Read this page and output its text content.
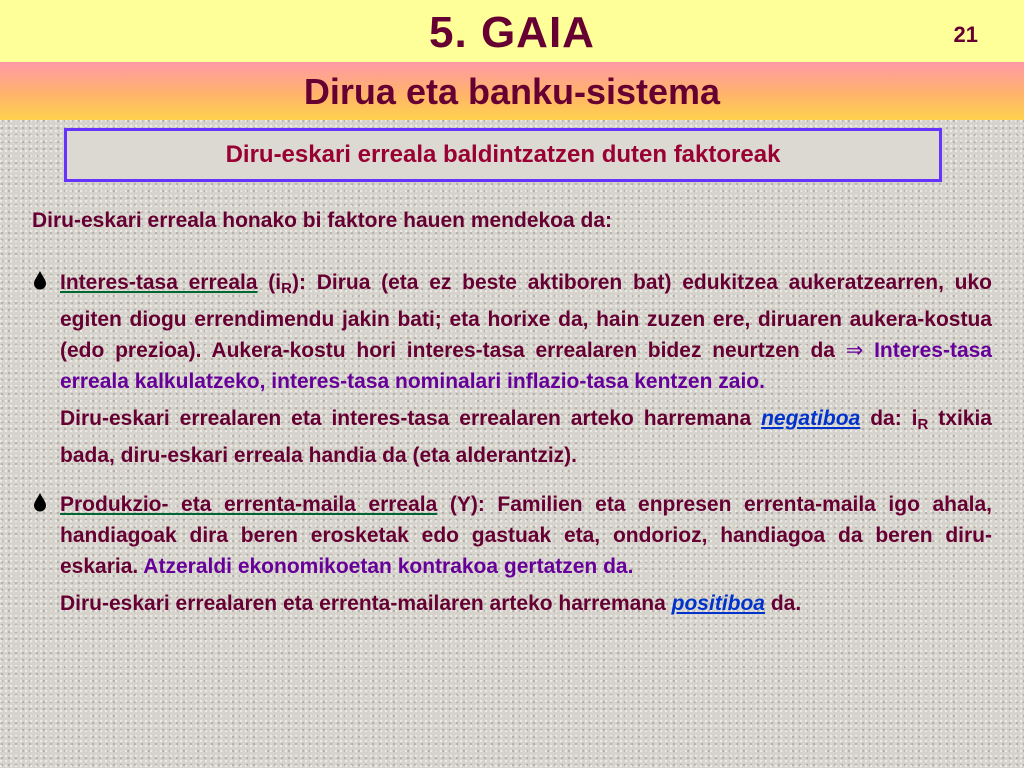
5. GAIA	21
Dirua eta banku-sistema
Diru-eskari erreala baldintzatzen duten faktoreak

Diru-eskari erreala honako bi faktore hauen mendekoa da:

Interes-tasa erreala (iR): Dirua (eta ez beste aktiboren bat) edukitzea aukeratzearren, uko egiten diogu errendimendu jakin bati; eta horixe da, hain zuzen ere, diruaren aukera-kostua (edo prezioa). Aukera-kostu hori interes-tasa errealaren bidez neurtzen da ⇒ Interes-tasa erreala kalkulatzeko, interes-tasa nominalari inflazio-tasa kentzen zaio.
Diru-eskari errealaren eta interes-tasa errealaren arteko harremana negatiboa da: iR txikia bada, diru-eskari erreala handia da (eta alderantziz).
Produkzio- eta errenta-maila erreala (Y): Familien eta enpresen errenta-maila igo ahala, handiagoak dira beren erosketak edo gastuak eta, ondorioz, handiagoa da beren diru-eskaria. Atzeraldi ekonomikoetan kontrakoa gertatzen da.
Diru-eskari errealaren eta errenta-mailaren arteko harremana positiboa da.
